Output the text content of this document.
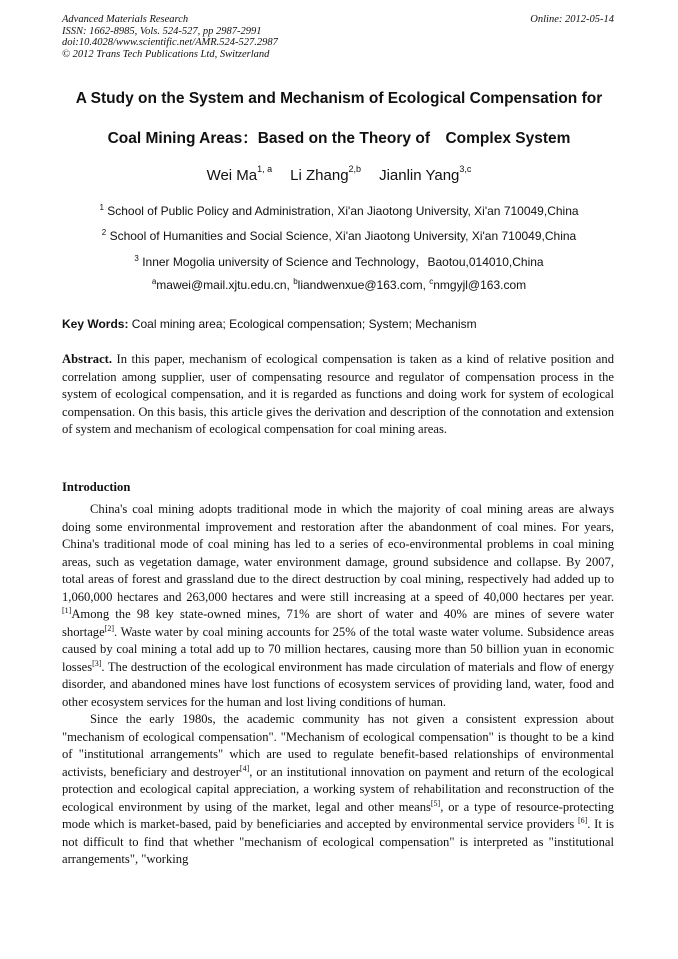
Advanced Materials Research
ISSN: 1662-8985, Vols. 524-527, pp 2987-2991
doi:10.4028/www.scientific.net/AMR.524-527.2987
© 2012 Trans Tech Publications Ltd, Switzerland
Online: 2012-05-14
A Study on the System and Mechanism of Ecological Compensation for
Coal Mining Areas：Based on the Theory of　Complex System
Wei Ma$^{1, a}$ Li Zhang$^{2,b}$ Jianlin Yang$^{3,c}$
$^1$ School of Public Policy and Administration, Xi'an Jiaotong University, Xi'an 710049,China
$^2$ School of Humanities and Social Science, Xi'an Jiaotong University, Xi'an 710049,China
$^3$ Inner Mogolia university of Science and Technology，Baotou,014010,China
$^a$mawei@mail.xjtu.edu.cn, $^b$liandwenxue@163.com, $^c$nmgyjl@163.com
Key Words: Coal mining area; Ecological compensation; System; Mechanism

Abstract. In this paper, mechanism of ecological compensation is taken as a kind of relative position and correlation among supplier, user of compensating resource and regulator of compensation process in the system of ecological compensation, and it is regarded as functions and doing work for system of ecological compensation. On this basis, this article gives the derivation and description of the connotation and extension of system and mechanism of ecological compensation for coal mining areas.

Introduction

China's coal mining adopts traditional mode in which the majority of coal mining areas are always doing some environmental improvement and restoration after the abandonment of coal mines. For years, China's traditional mode of coal mining has led to a series of eco-environmental problems in coal mining areas, such as vegetation damage, water environment damage, ground subsidence and collapse. By 2007, total areas of forest and grassland due to the direct destruction by coal mining, respectively had added up to 1,060,000 hectares and 263,000 hectares and were still increasing at a speed of 40,000 hectares per year.[1]Among the 98 key state-owned mines, 71% are short of water and 40% are mines of severe water shortage[2]. Waste water by coal mining accounts for 25% of the total waste water volume. Subsidence areas caused by coal mining a total add up to 70 million hectares, causing more than 50 billion yuan in economic losses[3]. The destruction of the ecological environment has made circulation of materials and flow of energy disorder, and abandoned mines have lost functions of ecosystem services of providing land, water, food and other ecosystem services for the human and lost living conditions of human.

Since the early 1980s, the academic community has not given a consistent expression about "mechanism of ecological compensation". "Mechanism of ecological compensation" is thought to be a kind of "institutional arrangements" which are used to regulate benefit-based relationships of environmental activists, beneficiary and destroyer[4], or an institutional innovation on payment and return of the ecological protection and ecological capital appreciation, a working system of rehabilitation and reconstruction of the ecological environment by using of the market, legal and other means[5], or a type of resource-protecting mode which is market-based, paid by beneficiaries and accepted by environmental service providers [6]. It is not difficult to find that whether "mechanism of ecological compensation" is interpreted as "institutional arrangements", "working
